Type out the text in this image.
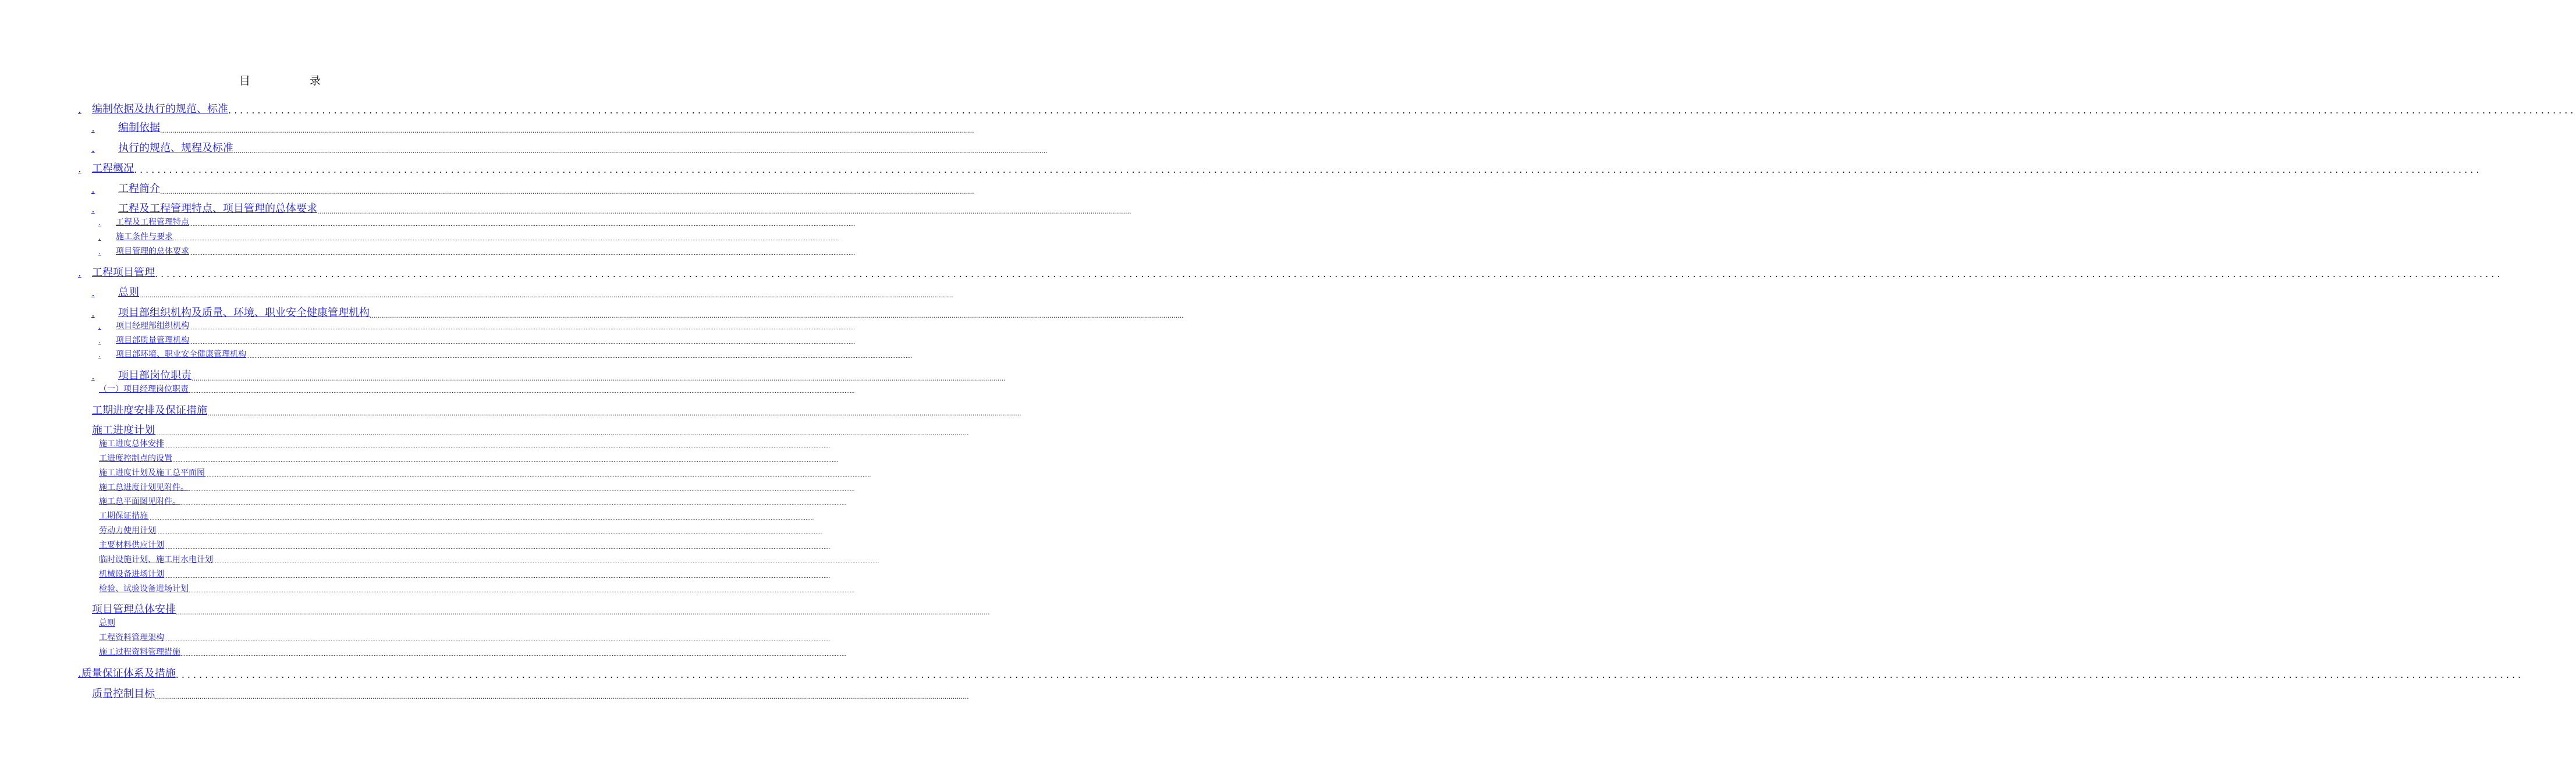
目 录
.	编制依据及执行的规范、标准 ................................................................................................................................................................................................................................................................................................................................................................................................................
.	编制依据 ................................................................................................................................................................................................................................................................................................................................................................................................................
.	执行的规范、规程及标准 ................................................................................................................................................................................................................................................................................................................................................................................................................
.	工程概况 ................................................................................................................................................................................................................................................................................................................................................................................................................
.	工程简介 ................................................................................................................................................................................................................................................................................................................................................................................................................
.	工程及工程管理特点、项目管理的总体要求 ................................................................................................................................................................................................................................................................................................................................................................................................................
.	工程及工程管理特点 ................................................................................................................................................................................................................................................................................................................................................................................................................
.	施工条件与要求 ................................................................................................................................................................................................................................................................................................................................................................................................................
.	项目管理的总体要求 ................................................................................................................................................................................................................................................................................................................................................................................................................
.	工程项目管理 ................................................................................................................................................................................................................................................................................................................................................................................................................
.	总则 ................................................................................................................................................................................................................................................................................................................................................................................................................
.	项目部组织机构及质量、环境、职业安全健康管理机构 ................................................................................................................................................................................................................................................................................................................................................................................................................
.	项目经理部组织机构 ................................................................................................................................................................................................................................................................................................................................................................................................................
.	项目部质量管理机构 ................................................................................................................................................................................................................................................................................................................................................................................................................
.	项目部环境、职业安全健康管理机构 ................................................................................................................................................................................................................................................................................................................................................................................................................
.	项目部岗位职责 ................................................................................................................................................................................................................................................................................................................................................................................................................
（一）项目经理岗位职责 ................................................................................................................................................................................................................................................................................................................................................................................................................
工期进度安排及保证措施 ................................................................................................................................................................................................................................................................................................................................................................................................................
施工进度计划 ................................................................................................................................................................................................................................................................................................................................................................................................................
施工进度总体安排 ................................................................................................................................................................................................................................................................................................................................................................................................................
工进度控制点的设置 ................................................................................................................................................................................................................................................................................................................................................................................................................
施工进度计划及施工总平面图 ................................................................................................................................................................................................................................................................................................................................................................................................................
施工总进度计划见附件。 ................................................................................................................................................................................................................................................................................................................................................................................................................
施工总平面图见附件。 ................................................................................................................................................................................................................................................................................................................................................................................................................
工期保证措施 ................................................................................................................................................................................................................................................................................................................................................................................................................
劳动力使用计划 ................................................................................................................................................................................................................................................................................................................................................................................................................
主要材料供应计划 ................................................................................................................................................................................................................................................................................................................................................................................................................
临时设施计划、施工用水电计划 ................................................................................................................................................................................................................................................................................................................................................................................................................
机械设备进场计划 ................................................................................................................................................................................................................................................................................................................................................................................................................
检验、试验设备进场计划 ................................................................................................................................................................................................................................................................................................................................................................................................................
项目管理总体安排 ................................................................................................................................................................................................................................................................................................................................................................................................................
总则
工程资料管理架构 ................................................................................................................................................................................................................................................................................................................................................................................................................
施工过程资料管理措施 ................................................................................................................................................................................................................................................................................................................................................................................................................
.质量保证体系及措施 ................................................................................................................................................................................................................................................................................................................................................................................................................
质量控制目标 ................................................................................................................................................................................................................................................................................................................................................................................................................
